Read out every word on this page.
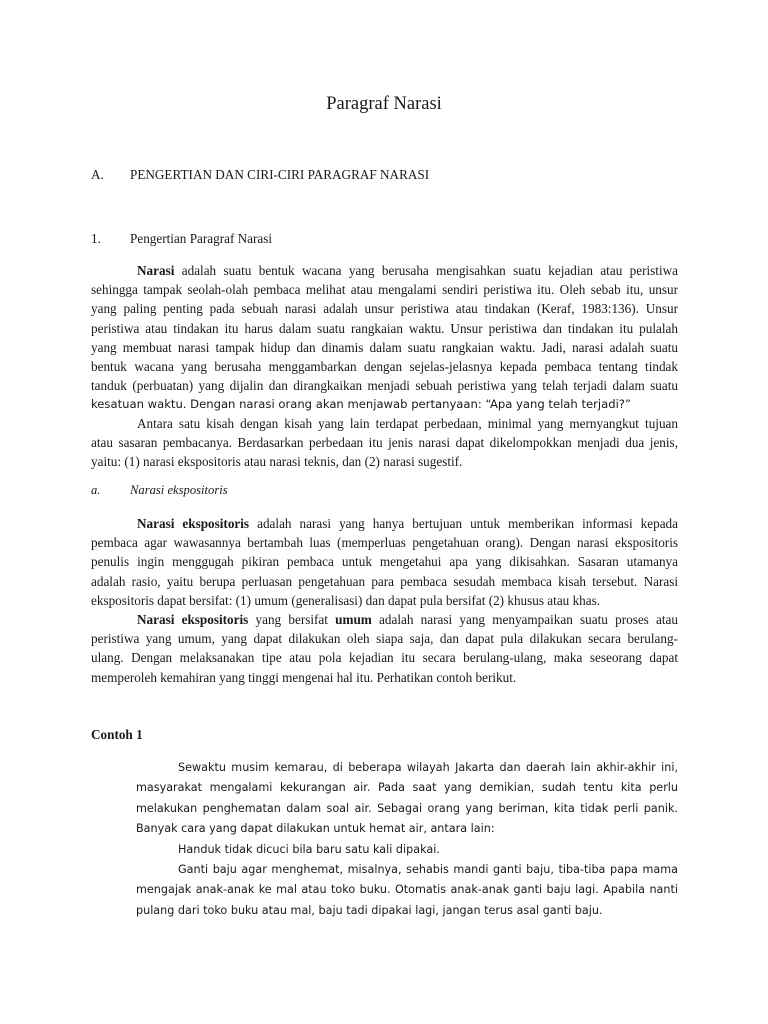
Paragraf Narasi
A. PENGERTIAN DAN CIRI-CIRI PARAGRAF NARASI
1. Pengertian Paragraf Narasi
Narasi adalah suatu bentuk wacana yang berusaha mengisahkan suatu kejadian atau peristiwa
sehingga tampak seolah-olah pembaca melihat atau mengalami sendiri peristiwa itu. Oleh sebab itu, unsur
yang paling penting pada sebuah narasi adalah unsur peristiwa atau tindakan (Keraf, 1983:136). Unsur
peristiwa atau tindakan itu harus dalam suatu rangkaian waktu. Unsur peristiwa dan tindakan itu pulalah
yang membuat narasi tampak hidup dan dinamis dalam suatu rangkaian waktu. Jadi, narasi adalah suatu
bentuk wacana yang berusaha menggambarkan dengan sejelas-jelasnya kepada pembaca tentang tindak
tanduk (perbuatan) yang dijalin dan dirangkaikan menjadi sebuah peristiwa yang telah terjadi dalam suatu
kesatuan waktu. Dengan narasi orang akan menjawab pertanyaan: “Apa yang telah terjadi?”
Antara satu kisah dengan kisah yang lain terdapat perbedaan, minimal yang mernyangkut tujuan
atau sasaran pembacanya. Berdasarkan perbedaan itu jenis narasi dapat dikelompokkan menjadi dua jenis,
yaitu: (1) narasi ekspositoris atau narasi teknis, dan (2) narasi sugestif.
a. Narasi ekspositoris
Narasi ekspositoris adalah narasi yang hanya bertujuan untuk memberikan informasi kepada
pembaca agar wawasannya bertambah luas (memperluas pengetahuan orang). Dengan narasi ekspositoris
penulis ingin menggugah pikiran pembaca untuk mengetahui apa yang dikisahkan. Sasaran utamanya
adalah rasio, yaitu berupa perluasan pengetahuan para pembaca sesudah membaca kisah tersebut. Narasi
ekspositoris dapat bersifat: (1) umum (generalisasi) dan dapat pula bersifat (2) khusus atau khas.
Narasi ekspositoris yang bersifat umum adalah narasi yang menyampaikan suatu proses atau
peristiwa yang umum, yang dapat dilakukan oleh siapa saja, dan dapat pula dilakukan secara berulang-
ulang. Dengan melaksanakan tipe atau pola kejadian itu secara berulang-ulang, maka seseorang dapat
memperoleh kemahiran yang tinggi mengenai hal itu. Perhatikan contoh berikut.
Contoh 1
Sewaktu musim kemarau, di beberapa wilayah Jakarta dan daerah lain akhir-akhir ini,
masyarakat mengalami kekurangan air. Pada saat yang demikian, sudah tentu kita perlu
melakukan penghematan dalam soal air. Sebagai orang yang beriman, kita tidak perli panik.
Banyak cara yang dapat dilakukan untuk hemat air, antara lain:
Handuk tidak dicuci bila baru satu kali dipakai.
Ganti baju agar menghemat, misalnya, sehabis mandi ganti baju, tiba-tiba papa mama
mengajak anak-anak ke mal atau toko buku. Otomatis anak-anak ganti baju lagi. Apabila nanti
pulang dari toko buku atau mal, baju tadi dipakai lagi, jangan terus asal ganti baju.
